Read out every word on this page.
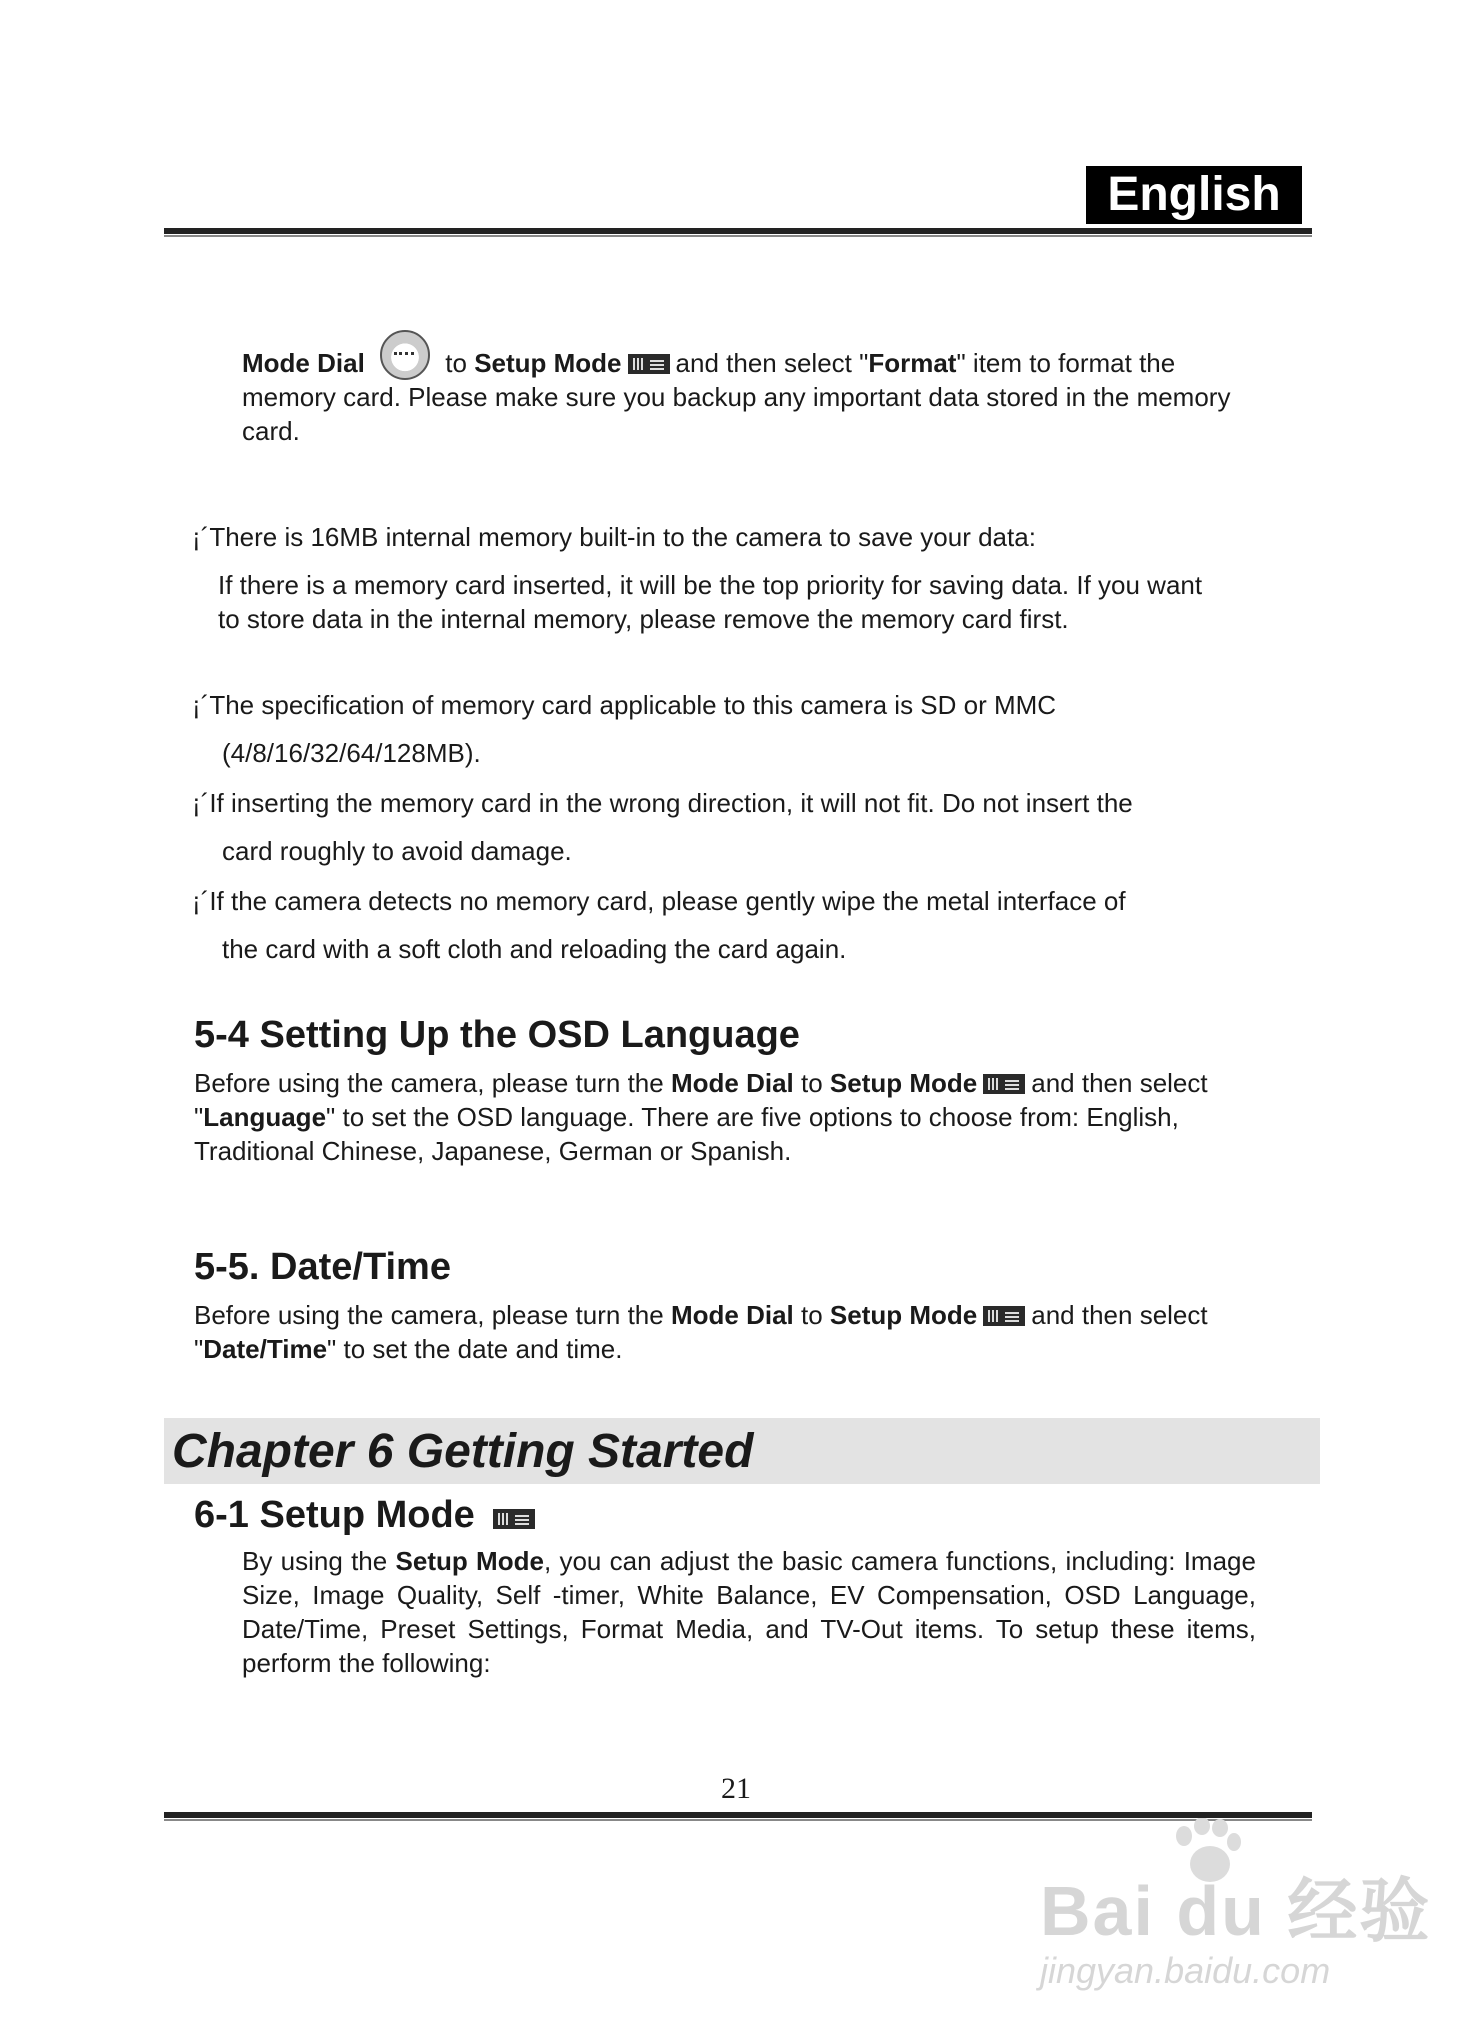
English
Mode Dial	to Setup Mode and then select "Format" item to format the memory card. Please make sure you backup any important data stored in the memory card.
¡´There is 16MB internal memory built-in to the camera to save your data:
If there is a memory card inserted, it will be the top priority for saving data. If you want to store data in the internal memory, please remove the memory card first.
¡´The specification of memory card applicable to this camera is SD or MMC
(4/8/16/32/64/128MB).
¡´If inserting the memory card in the wrong direction, it will not fit. Do not insert the
card roughly to avoid damage.
¡´If the camera detects no memory card, please gently wipe the metal interface of
the card with a soft cloth and reloading the card again.
5-4 Setting Up the OSD Language
Before using the camera, please turn the Mode Dial to Setup Mode and then select "Language" to set the OSD language. There are five options to choose from: English, Traditional Chinese, Japanese, German or Spanish.
5-5. Date/Time
Before using the camera, please turn the Mode Dial to Setup Mode and then select "Date/Time" to set the date and time.
Chapter 6 Getting Started
6-1 Setup Mode
By using the Setup Mode, you can adjust the basic camera functions, including: Image Size, Image Quality, Self -timer, White Balance, EV Compensation, OSD Language, Date/Time, Preset Settings, Format Media, and TV-Out items. To setup these items, perform the following:
21
Bai du 经验
jingyan.baidu.com
